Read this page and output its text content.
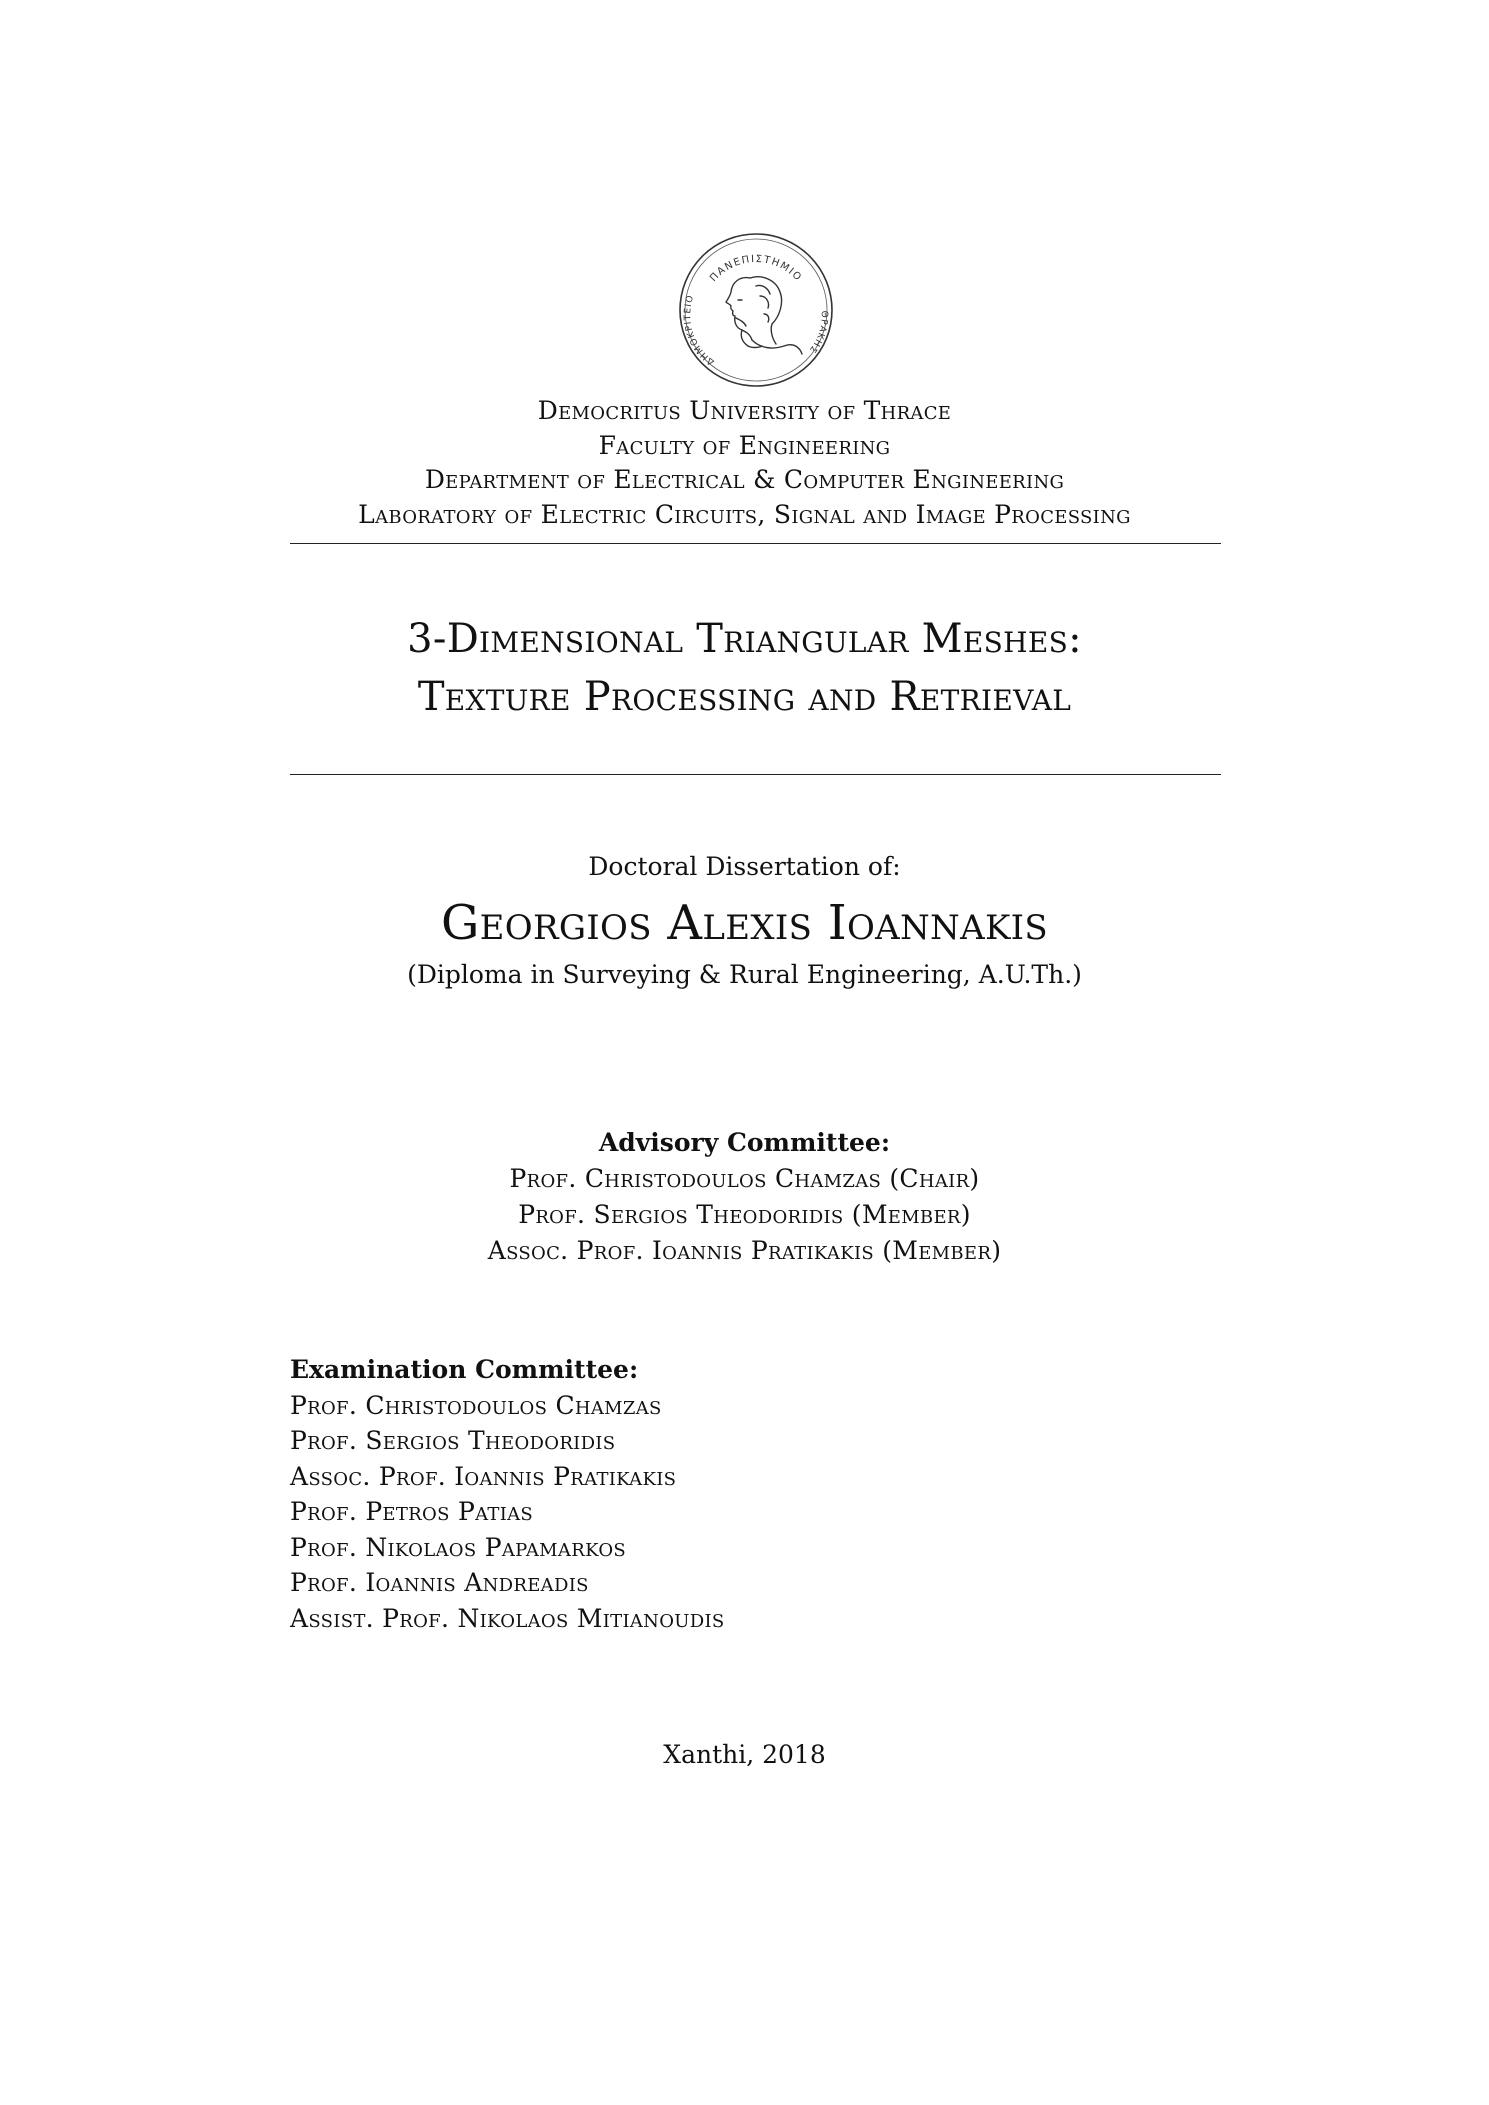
ΠΑΝΕΠΙΣΤΗΜΙΟ
ΔΗΜΟΚΡΙΤΕΙΟ
ΘΡΑΚΗΣ
Democritus University of Thrace
Faculty of Engineering
Department of Electrical & Computer Engineering
Laboratory of Electric Circuits, Signal and Image Processing
3-Dimensional Triangular Meshes:
Texture Processing and Retrieval
Doctoral Dissertation of:
Georgios Alexis Ioannakis
(Diploma in Surveying & Rural Engineering, A.U.Th.)
Advisory Committee:
Prof. Christodoulos Chamzas (Chair)
Prof. Sergios Theodoridis (Member)
Assoc. Prof. Ioannis Pratikakis (Member)
Examination Committee:
Prof. Christodoulos Chamzas
Prof. Sergios Theodoridis
Assoc. Prof. Ioannis Pratikakis
Prof. Petros Patias
Prof. Nikolaos Papamarkos
Prof. Ioannis Andreadis
Assist. Prof. Nikolaos Mitianoudis
Xanthi, 2018
